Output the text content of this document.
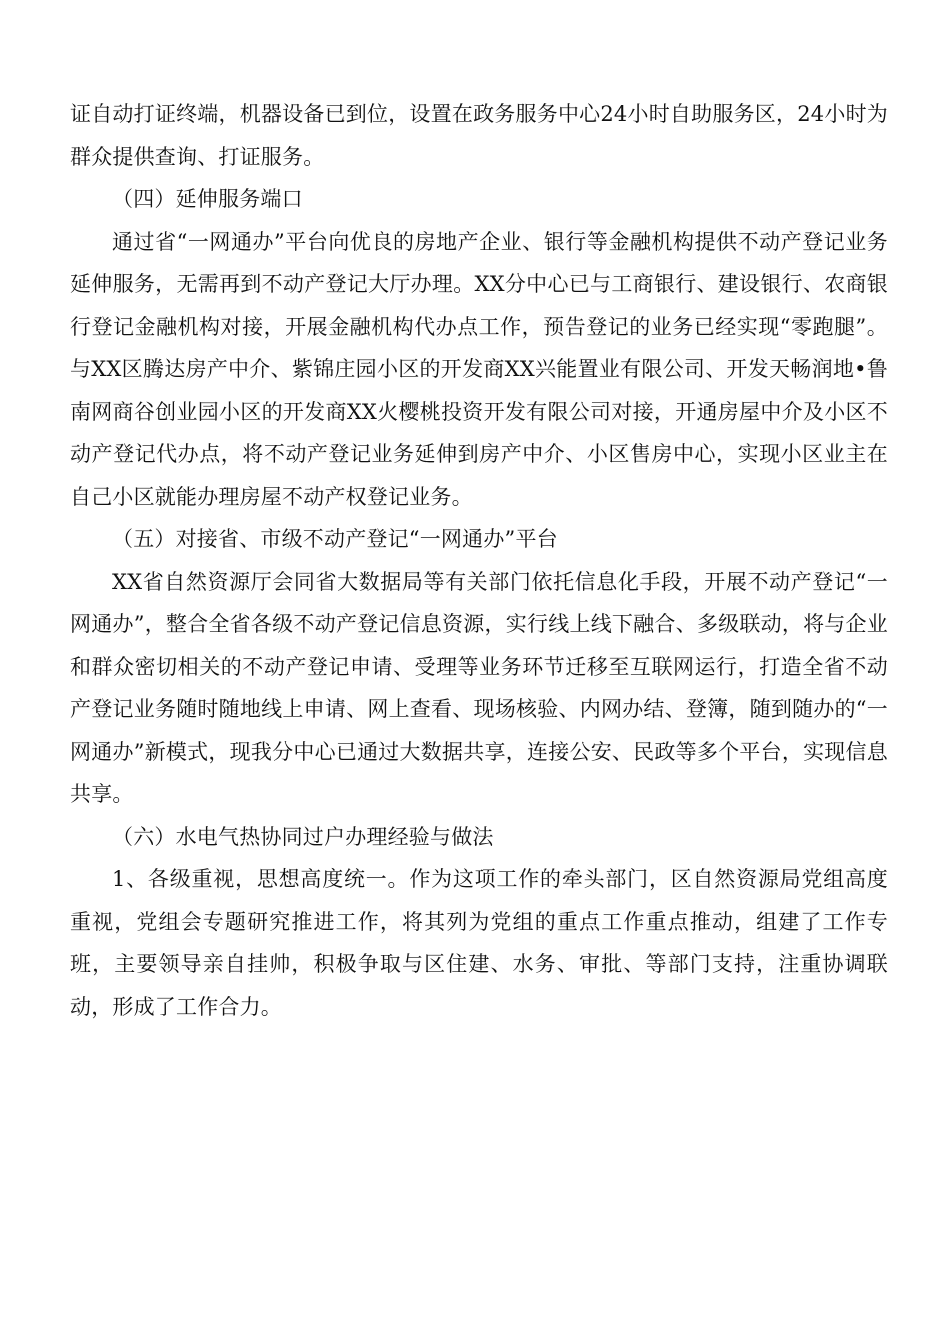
证自动打证终端，机器设备已到位，设置在政务服务中心24小时自助服务区，24小时为群众提供查询、打证服务。

（四）延伸服务端口

通过省“一网通办”平台向优良的房地产企业、银行等金融机构提供不动产登记业务延伸服务，无需再到不动产登记大厅办理。XX分中心已与工商银行、建设银行、农商银行登记金融机构对接，开展金融机构代办点工作，预告登记的业务已经实现“零跑腿”。与XX区腾达房产中介、紫锦庄园小区的开发商XX兴能置业有限公司、开发天畅润地•鲁南网商谷创业园小区的开发商XX火樱桃投资开发有限公司对接，开通房屋中介及小区不动产登记代办点，将不动产登记业务延伸到房产中介、小区售房中心，实现小区业主在自己小区就能办理房屋不动产权登记业务。

（五）对接省、市级不动产登记“一网通办”平台

XX省自然资源厅会同省大数据局等有关部门依托信息化手段，开展不动产登记“一网通办”，整合全省各级不动产登记信息资源，实行线上线下融合、多级联动，将与企业和群众密切相关的不动产登记申请、受理等业务环节迁移至互联网运行，打造全省不动产登记业务随时随地线上申请、网上查看、现场核验、内网办结、登簿，随到随办的“一网通办”新模式，现我分中心已通过大数据共享，连接公安、民政等多个平台，实现信息共享。

（六）水电气热协同过户办理经验与做法

1、各级重视，思想高度统一。作为这项工作的牵头部门，区自然资源局党组高度重视，党组会专题研究推进工作，将其列为党组的重点工作重点推动，组建了工作专班，主要领导亲自挂帅，积极争取与区住建、水务、审批、等部门支持，注重协调联动，形成了工作合力。
